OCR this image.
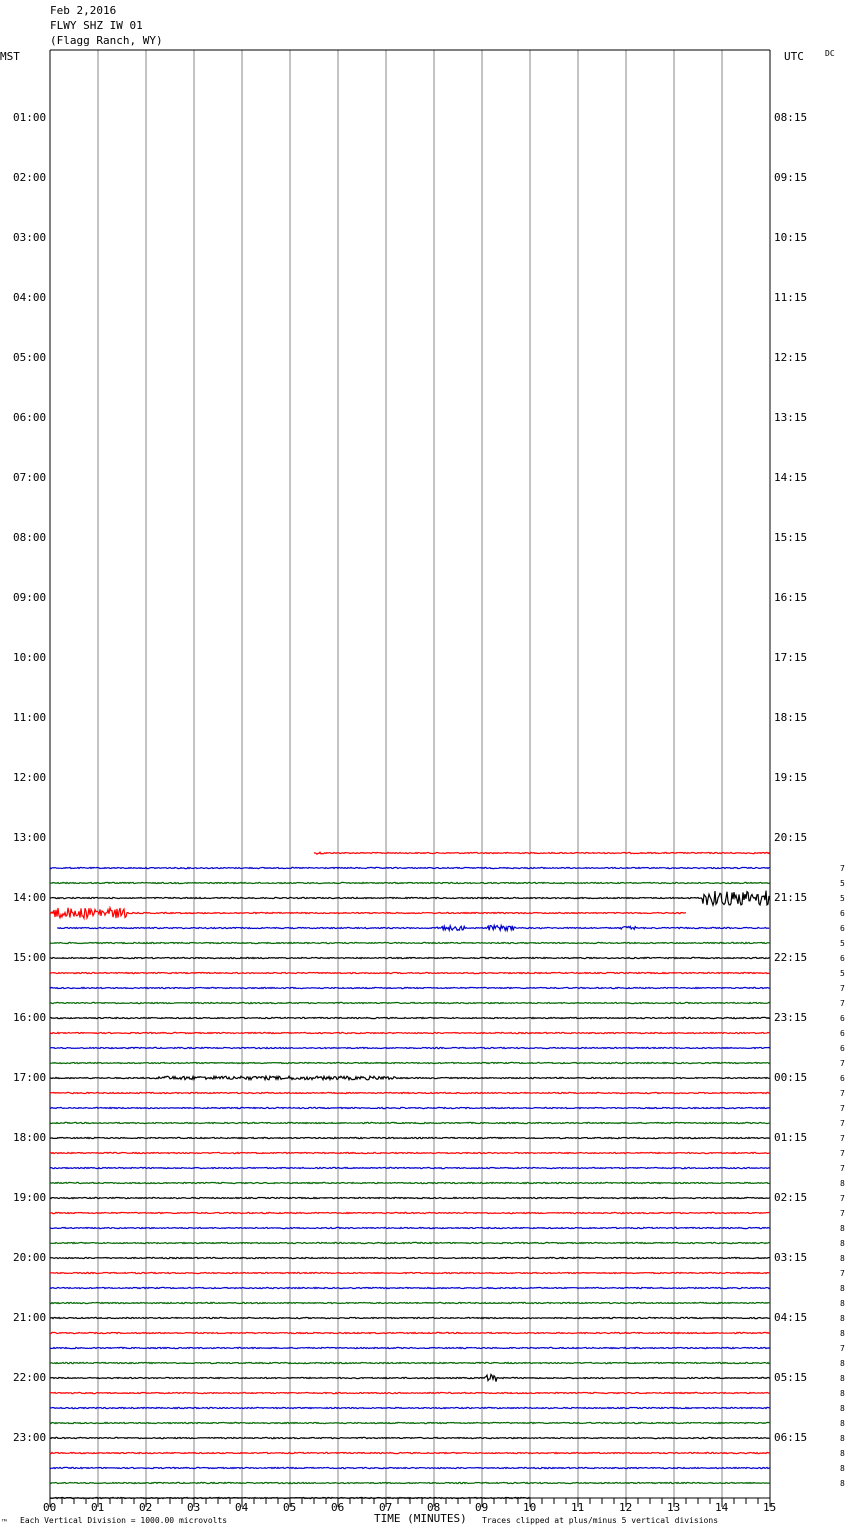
Feb 2,2016
FLWY SHZ IW 01
(Flagg Ranch, WY)
MST	UTC	DC
01:00
02:00
03:00
04:00
05:00
06:00
07:00
08:00
09:00
10:00
11:00
12:00
13:00
14:00
15:00
16:00
17:00
18:00
19:00
20:00
21:00
22:00
23:00
08:15
09:15
10:15
11:15
12:15
13:15
14:15
15:15
16:15
17:15
18:15
19:15
20:15
21:15
22:15
23:15
00:15
01:15
02:15
03:15
04:15
05:15
06:15
7
5
5
6
6
5
6
5
7
7
6
6
6
7
6
7
7
7
7
7
7
8
7
7
8
8
8
7
8
8
8
8
7
8
8
8
8
8
8
8
8
8
00	01	02	03	04	05	06	07	08	09	10	11	12	13	14	15
™ Each Vertical Division = 1000.00 microvolts	TIME (MINUTES) Traces clipped at plus/minus 5 vertical divisions
